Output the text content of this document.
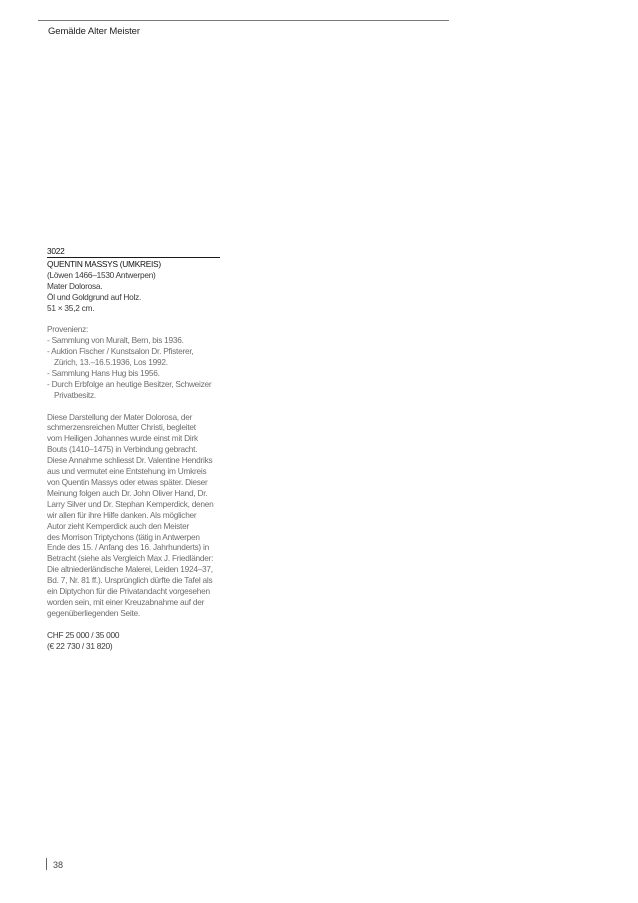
Gemälde Alter Meister
3022
QUENTIN MASSYS (UMKREIS)
(Löwen 1466–1530 Antwerpen)
Mater Dolorosa.
Öl und Goldgrund auf Holz.
51 × 35,2 cm.
Provenienz:
- Sammlung von Muralt, Bern, bis 1936.
- Auktion Fischer / Kunstsalon Dr. Pfisterer,
Zürich, 13.–16.5.1936, Los 1992.
- Sammlung Hans Hug bis 1956.
- Durch Erbfolge an heutige Besitzer, Schweizer
Privatbesitz.
Diese Darstellung der Mater Dolorosa, der
schmerzensreichen Mutter Christi, begleitet
vom Heiligen Johannes wurde einst mit Dirk
Bouts (1410–1475) in Verbindung gebracht.
Diese Annahme schliesst Dr. Valentine Hendriks
aus und vermutet eine Entstehung im Umkreis
von Quentin Massys oder etwas später. Dieser
Meinung folgen auch Dr. John Oliver Hand, Dr.
Larry Silver und Dr. Stephan Kemperdick, denen
wir allen für ihre Hilfe danken. Als möglicher
Autor zieht Kemperdick auch den Meister
des Morrison Triptychons (tätig in Antwerpen
Ende des 15. / Anfang des 16. Jahrhunderts) in
Betracht (siehe als Vergleich Max J. Friedländer:
Die altniederländische Malerei, Leiden 1924–37,
Bd. 7, Nr. 81 ff.). Ursprünglich dürfte die Tafel als
ein Diptychon für die Privatandacht vorgesehen
worden sein, mit einer Kreuzabnahme auf der
gegenüberliegenden Seite.
CHF 25 000 / 35 000
(€ 22 730 / 31 820)
38
